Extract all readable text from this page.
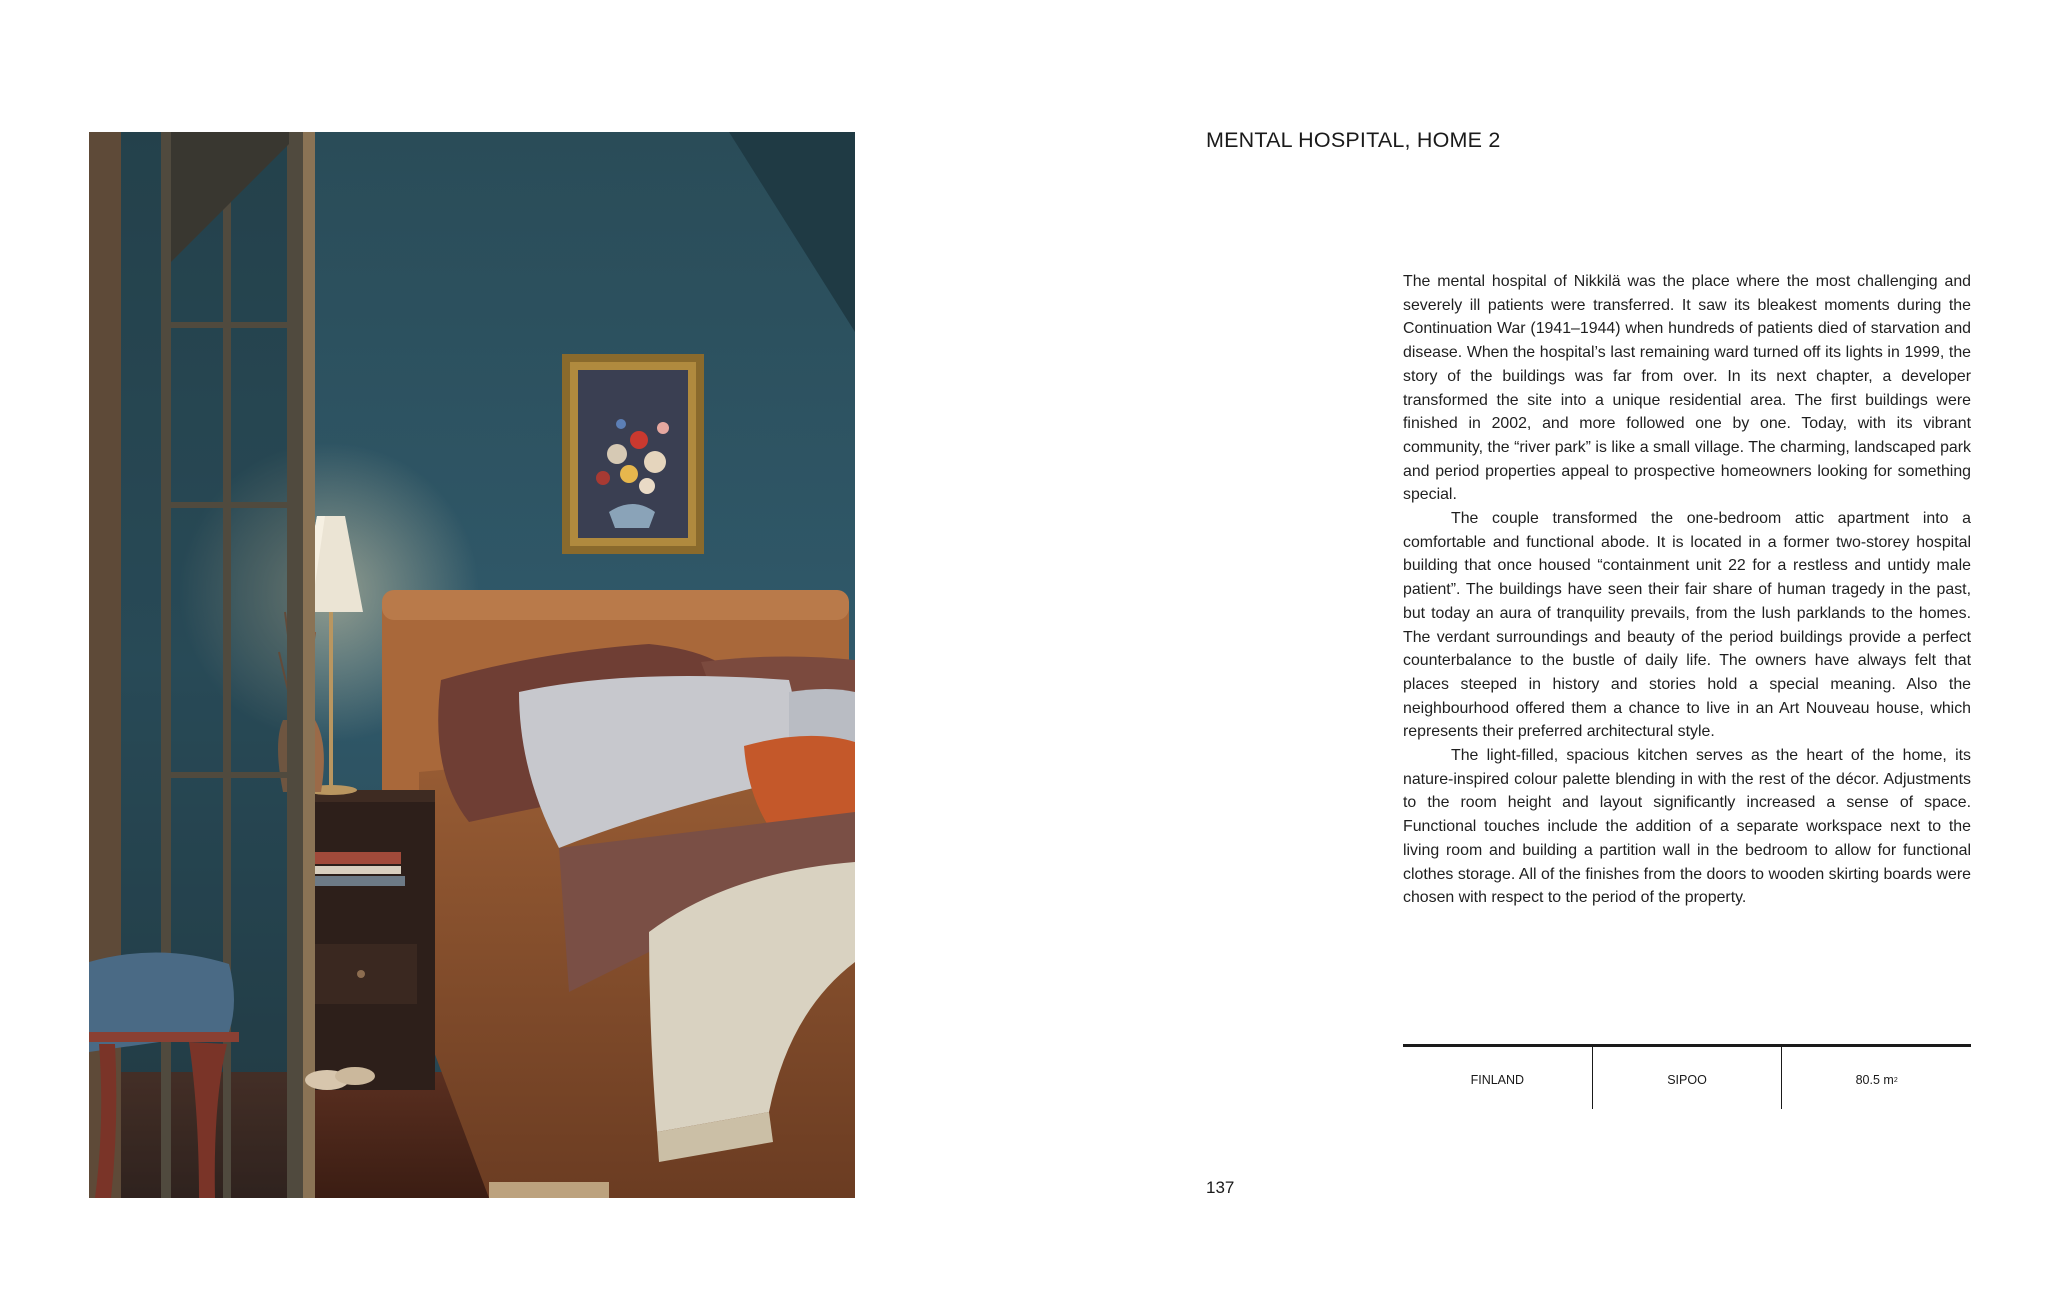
MENTAL HOSPITAL, HOME 2

The mental hospital of Nikkilä was the place where the most challenging and severely ill patients were transferred. It saw its bleakest moments during the Continuation War (1941–1944) when hundreds of patients died of starvation and disease. When the hospital’s last remaining ward turned off its lights in 1999, the story of the buildings was far from over. In its next chapter, a developer transformed the site into a unique residential area. The first buildings were finished in 2002, and more followed one by one. Today, with its vibrant community, the “river park” is like a small village. The charming, landscaped park and period properties appeal to prospective homeowners looking for something special.

The couple transformed the one-bedroom attic apartment into a comfortable and functional abode. It is located in a former two-storey hospital building that once housed “containment unit 22 for a restless and untidy male patient”. The buildings have seen their fair share of human tragedy in the past, but today an aura of tranquility prevails, from the lush parklands to the homes. The verdant surroundings and beauty of the period buildings provide a perfect counterbalance to the bustle of daily life. The owners have always felt that places steeped in history and stories hold a special meaning. Also the neighbourhood offered them a chance to live in an Art Nouveau house, which represents their preferred architectural style.

The light-filled, spacious kitchen serves as the heart of the home, its nature-inspired colour palette blending in with the rest of the décor. Adjustments to the room height and layout significantly increased a sense of space. Functional touches include the addition of a separate workspace next to the living room and building a partition wall in the bedroom to allow for functional clothes storage. All of the finishes from the doors to wooden skirting boards were chosen with respect to the period of the property.

FINLAND	SIPOO	80.5 m 2
137
